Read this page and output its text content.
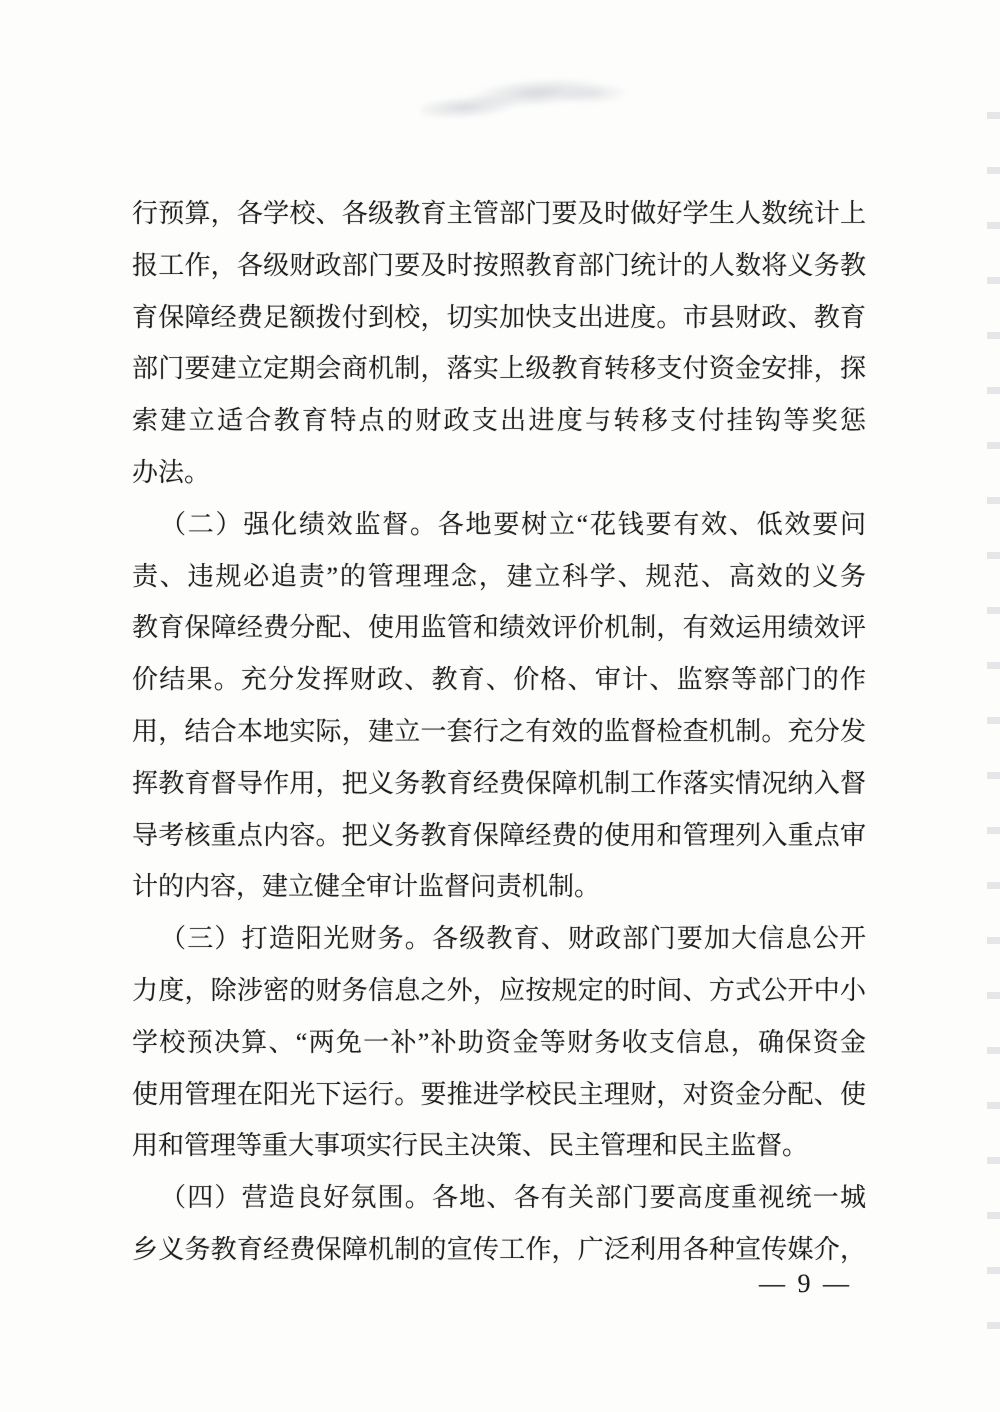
行预算，各学校、各级教育主管部门要及时做好学生人数统计上
报工作，各级财政部门要及时按照教育部门统计的人数将义务教
育保障经费足额拨付到校，切实加快支出进度。市县财政、教育
部门要建立定期会商机制，落实上级教育转移支付资金安排，探
索建立适合教育特点的财政支出进度与转移支付挂钩等奖惩
办法。
（二）强化绩效监督。各地要树立“花钱要有效、低效要问
责、违规必追责”的管理理念，建立科学、规范、高效的义务
教育保障经费分配、使用监管和绩效评价机制，有效运用绩效评
价结果。充分发挥财政、教育、价格、审计、监察等部门的作
用，结合本地实际，建立一套行之有效的监督检查机制。充分发
挥教育督导作用，把义务教育经费保障机制工作落实情况纳入督
导考核重点内容。把义务教育保障经费的使用和管理列入重点审
计的内容，建立健全审计监督问责机制。
（三）打造阳光财务。各级教育、财政部门要加大信息公开
力度，除涉密的财务信息之外，应按规定的时间、方式公开中小
学校预决算、“两免一补”补助资金等财务收支信息，确保资金
使用管理在阳光下运行。要推进学校民主理财，对资金分配、使
用和管理等重大事项实行民主决策、民主管理和民主监督。
（四）营造良好氛围。各地、各有关部门要高度重视统一城
乡义务教育经费保障机制的宣传工作，广泛利用各种宣传媒介，
— 9 —
